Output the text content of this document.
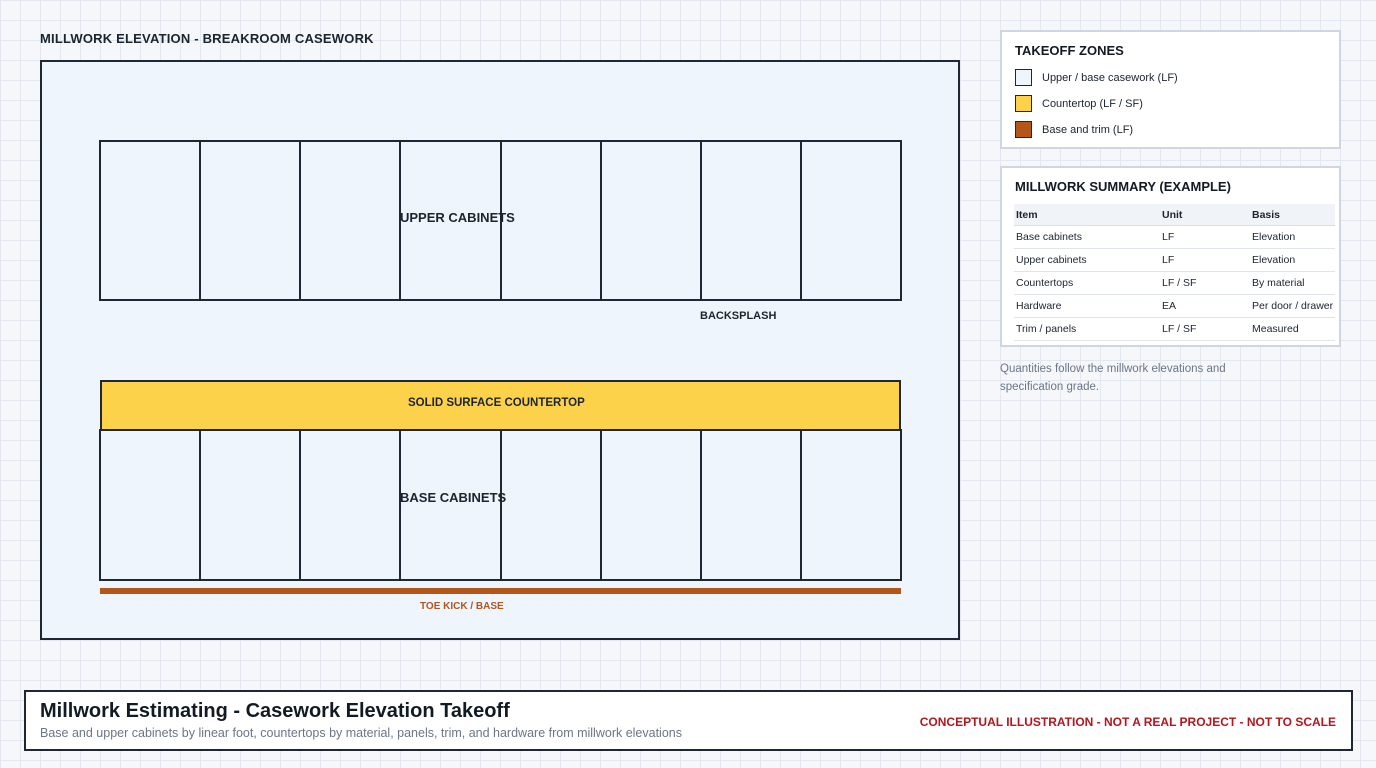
MILLWORK ELEVATION - BREAKROOM CASEWORK
UPPER CABINETS
BACKSPLASH
SOLID SURFACE COUNTERTOP
BASE CABINETS
TOE KICK / BASE
TAKEOFF ZONES
Upper / base casework (LF)
Countertop (LF / SF)
Base and trim (LF)
MILLWORK SUMMARY (EXAMPLE)
Item	Unit	Basis
Base cabinets	LF	Elevation
Upper cabinets	LF	Elevation
Countertops	LF / SF	By material
Hardware	EA	Per door / drawer
Trim / panels	LF / SF	Measured
Quantities follow the millwork elevations and specification grade.
Millwork Estimating - Casework Elevation Takeoff
Base and upper cabinets by linear foot, countertops by material, panels, trim, and hardware from millwork elevations
CONCEPTUAL ILLUSTRATION - NOT A REAL PROJECT - NOT TO SCALE
